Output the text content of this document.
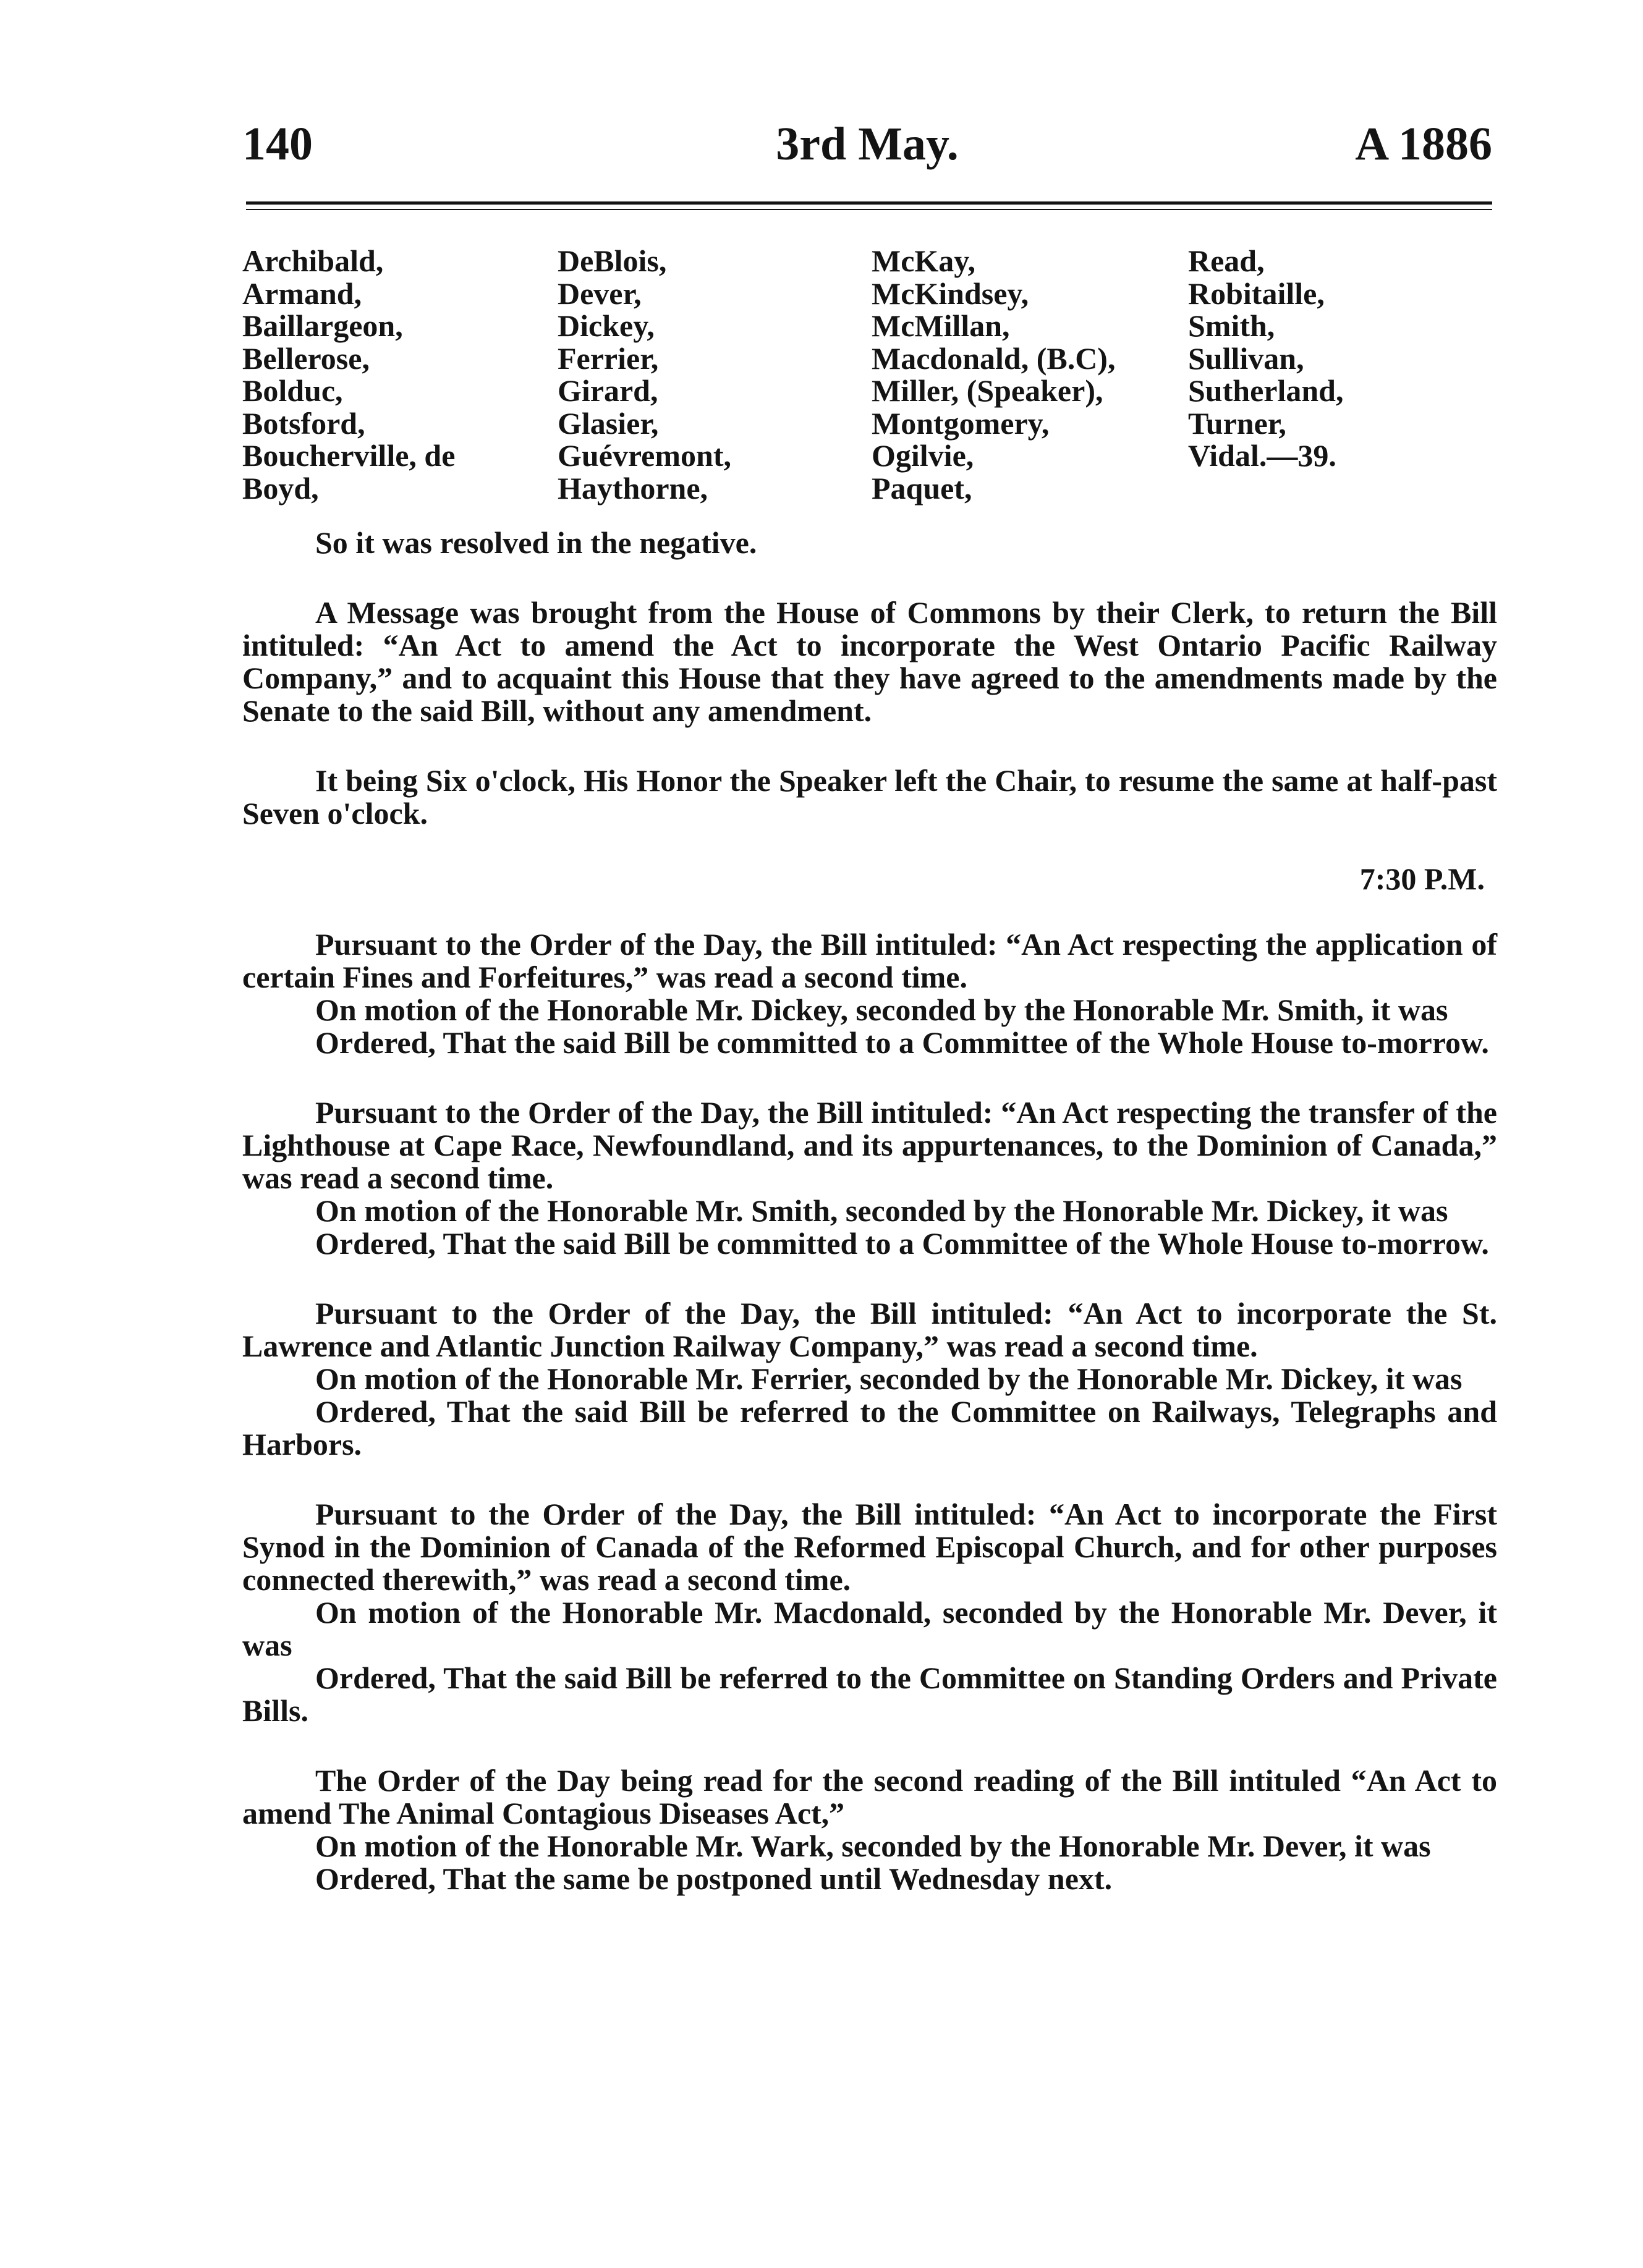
140	3rd May.	A 1886
Archibald,
Armand,
Baillargeon,
Bellerose,
Bolduc,
Botsford,
Boucherville, de
Boyd,
DeBlois,
Dever,
Dickey,
Ferrier,
Girard,
Glasier,
Guévremont,
Haythorne,
McKay,
McKindsey,
McMillan,
Macdonald, (B.C),
Miller, (Speaker),
Montgomery,
Ogilvie,
Paquet,
Read,
Robitaille,
Smith,
Sullivan,
Sutherland,
Turner,
Vidal.—39.

So it was resolved in the negative.

A Message was brought from the House of Commons by their Clerk, to return the Bill intituled: “An Act to amend the Act to incorporate the West Ontario Pacific Railway Company,” and to acquaint this House that they have agreed to the amendments made by the Senate to the said Bill, without any amendment.

It being Six o'clock, His Honor the Speaker left the Chair, to resume the same at half-past Seven o'clock.

7:30 P.M.

Pursuant to the Order of the Day, the Bill intituled: “An Act respecting the application of certain Fines and Forfeitures,” was read a second time.

On motion of the Honorable Mr. Dickey, seconded by the Honorable Mr. Smith, it was

Ordered, That the said Bill be committed to a Committee of the Whole House to-morrow.

Pursuant to the Order of the Day, the Bill intituled: “An Act respecting the transfer of the Lighthouse at Cape Race, Newfoundland, and its appurtenances, to the Dominion of Canada,” was read a second time.

On motion of the Honorable Mr. Smith, seconded by the Honorable Mr. Dickey, it was

Ordered, That the said Bill be committed to a Committee of the Whole House to-morrow.

Pursuant to the Order of the Day, the Bill intituled: “An Act to incorporate the St. Lawrence and Atlantic Junction Railway Company,” was read a second time.

On motion of the Honorable Mr. Ferrier, seconded by the Honorable Mr. Dickey, it was

Ordered, That the said Bill be referred to the Committee on Railways, Telegraphs and Harbors.

Pursuant to the Order of the Day, the Bill intituled: “An Act to incorporate the First Synod in the Dominion of Canada of the Reformed Episcopal Church, and for other purposes connected therewith,” was read a second time.

On motion of the Honorable Mr. Macdonald, seconded by the Honorable Mr. Dever, it was

Ordered, That the said Bill be referred to the Committee on Standing Orders and Private Bills.

The Order of the Day being read for the second reading of the Bill intituled “An Act to amend The Animal Contagious Diseases Act,”

On motion of the Honorable Mr. Wark, seconded by the Honorable Mr. Dever, it was

Ordered, That the same be postponed until Wednesday next.
